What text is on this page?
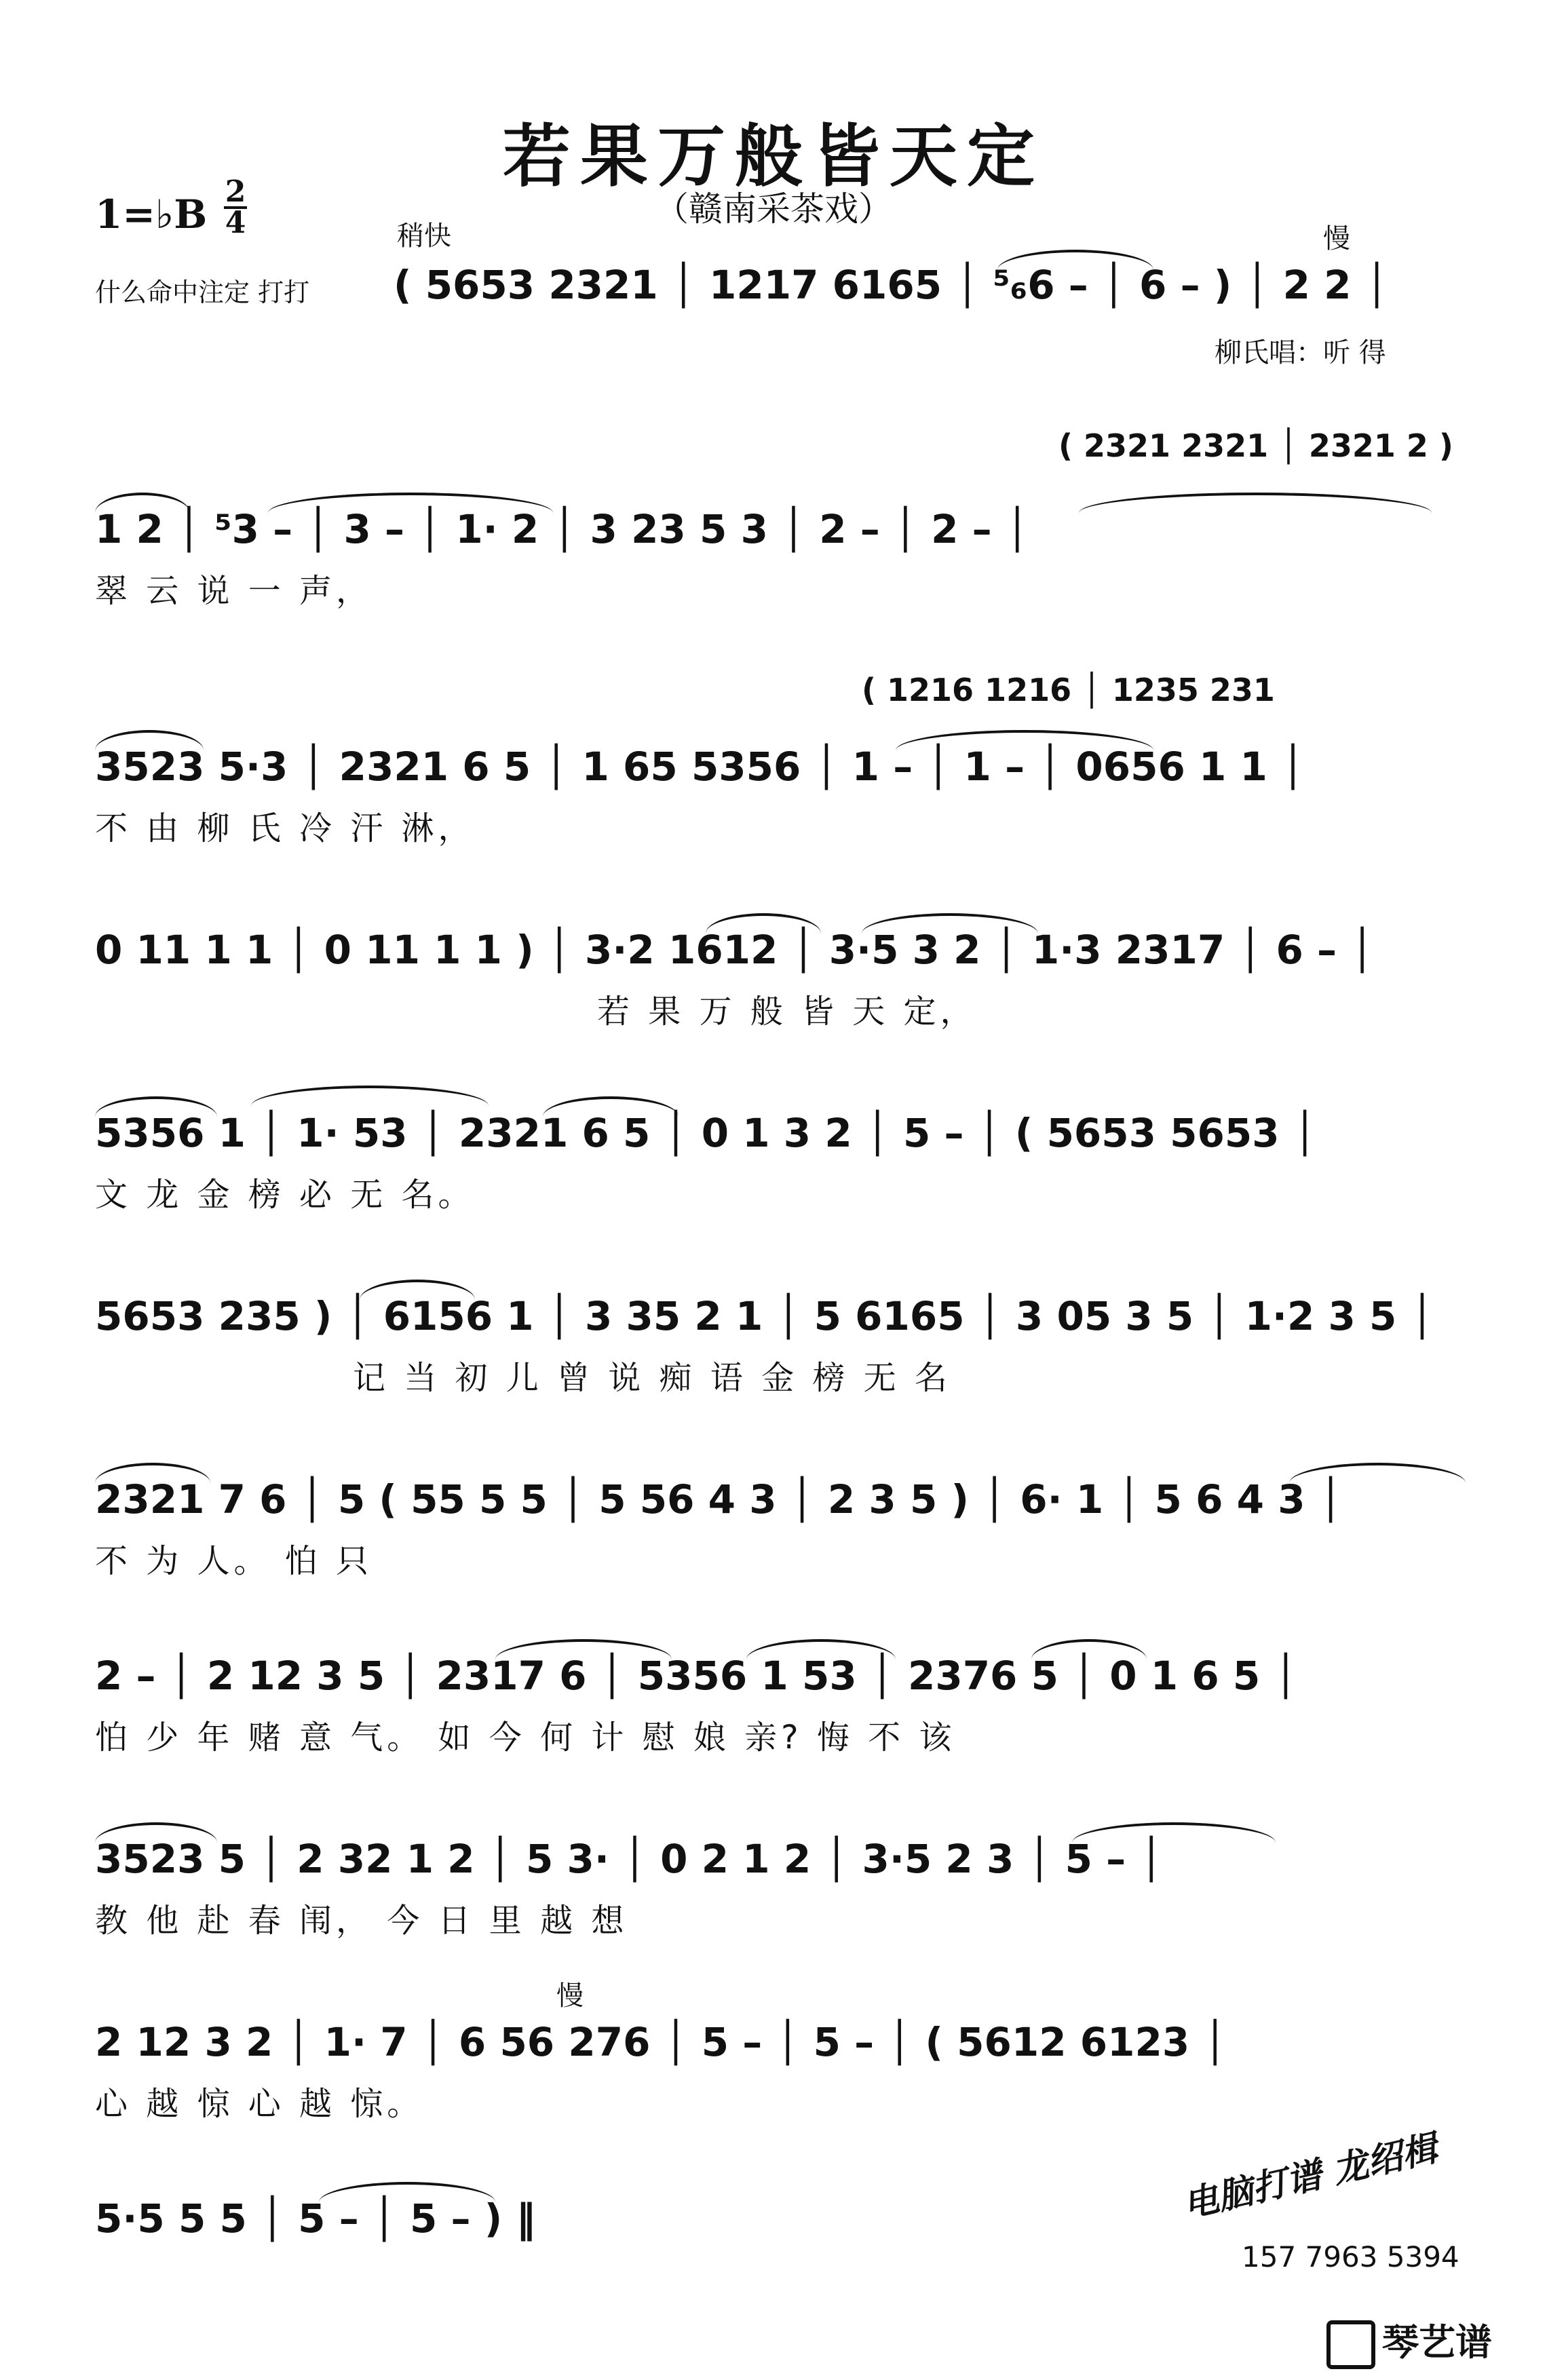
若果万般皆天定
（赣南采茶戏）
1=♭B 2
4	稍快
什么命中注定 打打 ( 5653 2321 │ 1217 6165 │ ⁵₆6 – │ 6 – ) │ 2 2 │
慢
柳氏唱：听 得
( 2321 2321 │ 2321 2 )
1 2 │ ⁵3 – │ 3 – │ 1· 2 │ 3 23 5 3 │ 2 – │ 2 – │
翠 云 说 一 声，
( 1216 1216 │ 1235 231
3523 5·3 │ 2321 6 5 │ 1 65 5356 │ 1 – │ 1 – │ 0656 1 1 │
不 由 柳 氏 冷 汗 淋，
0 11 1 1 │ 0 11 1 1 ) │ 3·2 1612 │ 3·5 3 2 │ 1·3 2317 │ 6 – │
若 果 万 般 皆 天 定，
5356 1 │ 1· 53 │ 2321 6 5 │ 0 1 3 2 │ 5 – │ ( 5653 5653 │
文 龙 金 榜 必 无 名。
5653 235 ) │ 6156 1 │ 3 35 2 1 │ 5 6165 │ 3 05 3 5 │ 1·2 3 5 │
记 当 初 儿 曾 说 痴 语 金 榜 无 名
2321 7 6 │ 5 ( 55 5 5 │ 5 56 4 3 │ 2 3 5 ) │ 6· 1 │ 5 6 4 3 │
不 为 人。 怕 只
2 – │ 2 12 3 5 │ 2317 6 │ 5356 1 53 │ 2376 5 │ 0 1 6 5 │
怕 少 年 赌 意 气。 如 今 何 计 慰 娘 亲? 悔 不 该
3523 5 │ 2 32 1 2 │ 5 3· │ 0 2 1 2 │ 3·5 2 3 │ 5 – │
教 他 赴 春 闱， 今 日 里 越 想
慢
2 12 3 2 │ 1· 7 │ 6 56 276 │ 5 – │ 5 – │ ( 5612 6123 │
心 越 惊 心 越 惊。
5·5 5 5 │ 5 – │ 5 – ) ‖	电脑打谱 龙绍楫
157 7963 5394
琴艺谱
